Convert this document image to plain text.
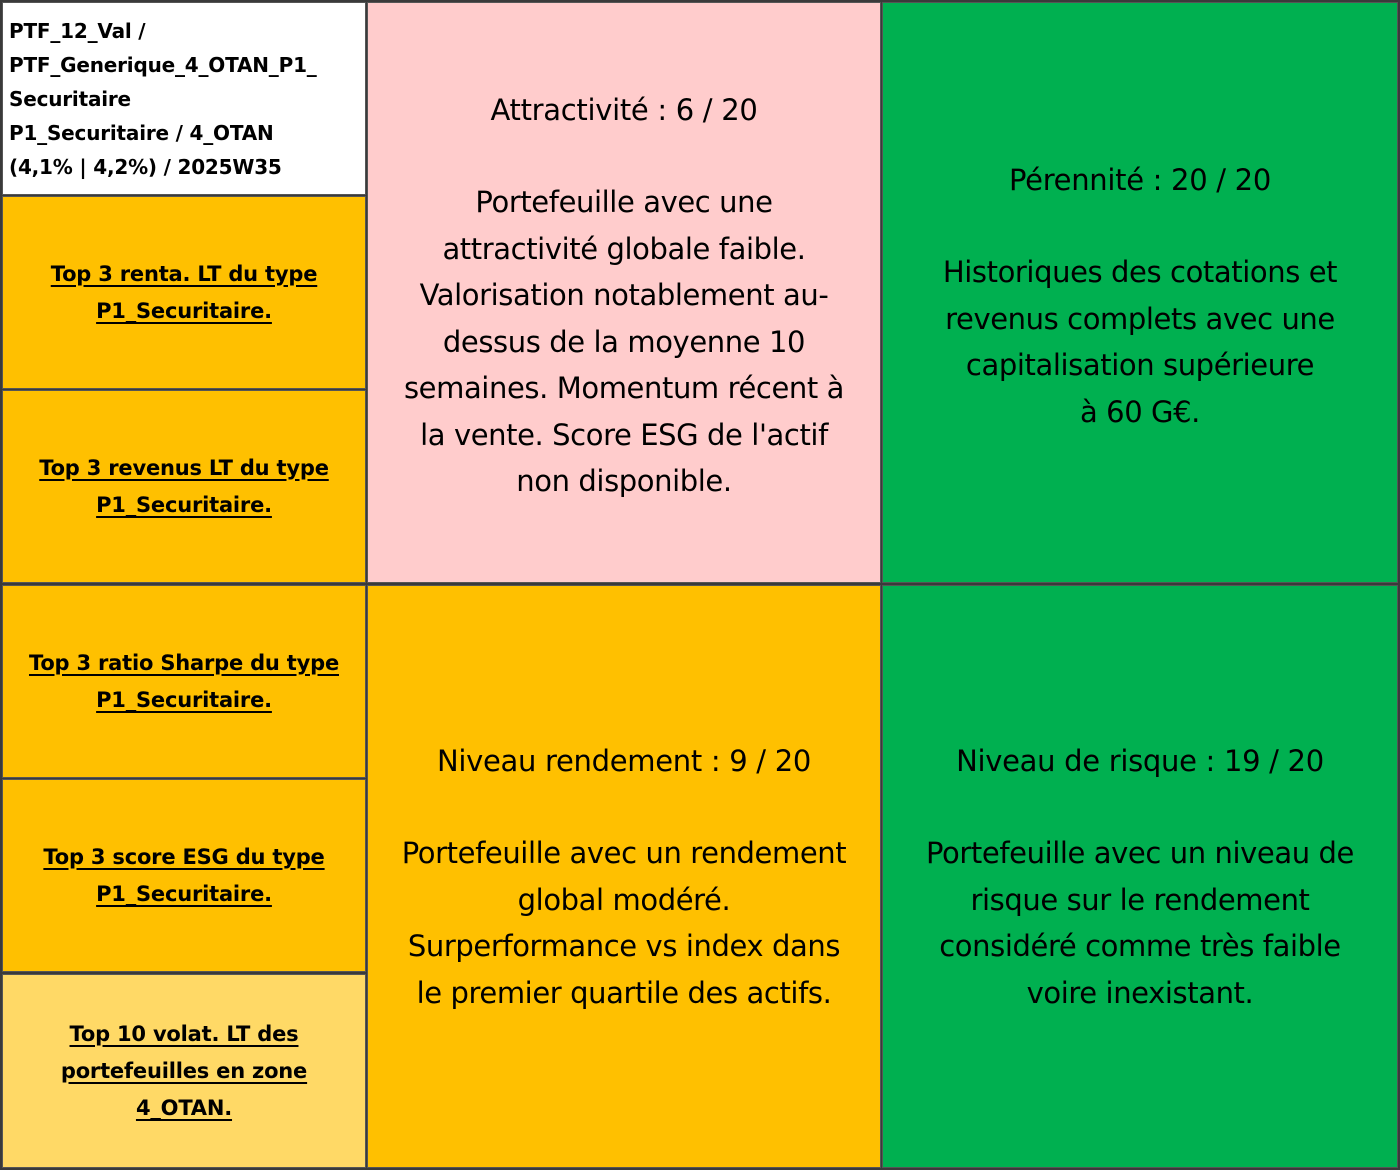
PTF_12_Val /
PTF_Generique_4_OTAN_P1_
Securitaire
P1_Securitaire / 4_OTAN
(4,1% | 4,2%) / 2025W35
Top 3 renta. LT du type
P1_Securitaire.
Top 3 revenus LT du type
P1_Securitaire.
Top 3 ratio Sharpe du type
P1_Securitaire.
Top 3 score ESG du type
P1_Securitaire.
Top 10 volat. LT des
portefeuilles en zone
4_OTAN.
Attractivité : 6 / 20
Portefeuille avec une
attractivité globale faible.
Valorisation notablement au-
dessus de la moyenne 10
semaines. Momentum récent à
la vente. Score ESG de l'actif
non disponible.
Pérennité : 20 / 20
Historiques des cotations et
revenus complets avec une
capitalisation supérieure
à 60 G€.
Niveau rendement : 9 / 20
Portefeuille avec un rendement
global modéré.
Surperformance vs index dans
le premier quartile des actifs.
Niveau de risque : 19 / 20
Portefeuille avec un niveau de
risque sur le rendement
considéré comme très faible
voire inexistant.
